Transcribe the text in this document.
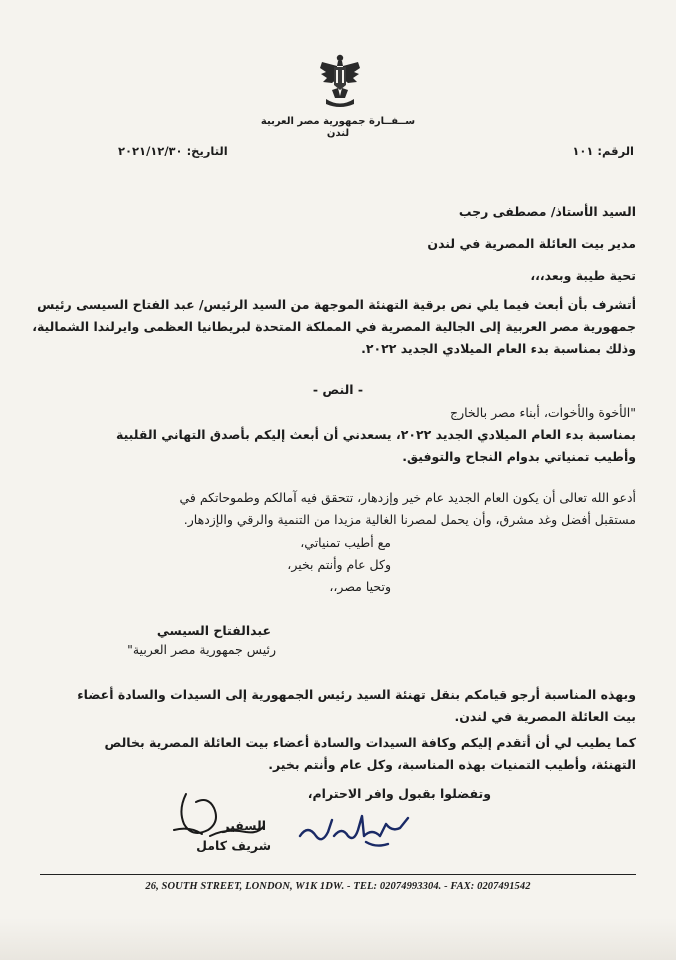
ســفــارة جمهورية مصر العربية
لندن
الرقم: ١٠١
التاريخ: ٢٠٢١/١٢/٣٠
السيد الأستاذ/ مصطفى رجب
مدير بيت العائلة المصرية في لندن
تحية طيبة وبعد،،،
أتشرف بأن أبعث فيما يلي نص برقية التهنئة الموجهة من السيد الرئيس/ عبد الفتاح السيسى رئيس
جمهورية مصر العربية إلى الجالية المصرية في المملكة المتحدة لبريطانيا العظمى وايرلندا الشمالية،
وذلك بمناسبة بدء العام الميلادي الجديد ٢٠٢٢.
- النص -
"الأخوة والأخوات، أبناء مصر بالخارج
بمناسبة بدء العام الميلادي الجديد ٢٠٢٢، يسعدني أن أبعث إليكم بأصدق التهاني القلبية
وأطيب تمنياتي بدوام النجاح والتوفيق.
أدعو الله تعالى أن يكون العام الجديد عام خير وإزدهار، تتحقق فيه آمالكم وطموحاتكم في
مستقبل أفضل وغد مشرق، وأن يحمل لمصرنا الغالية مزيدا من التنمية والرقي والإزدهار.
مع أطيب تمنياتي،
وكل عام وأنتم بخير،
وتحيا مصر،،
عبدالفتاح السيسي
رئيس جمهورية مصر العربية"
وبهذه المناسبة أرجو قيامكم بنقل تهنئة السيد رئيس الجمهورية إلى السيدات والسادة أعضاء
بيت العائلة المصرية في لندن.
كما يطيب لي أن أتقدم إليكم وكافة السيدات والسادة أعضاء بيت العائلة المصرية بخالص
التهنئة، وأطيب التمنيات بهذه المناسبة، وكل عام وأنتم بخير.
وتفضلوا بقبول وافر الاحترام،
السفير
شريف كامل
26, SOUTH STREET, LONDON, W1K 1DW. - TEL: 02074993304. - FAX: 0207491542
